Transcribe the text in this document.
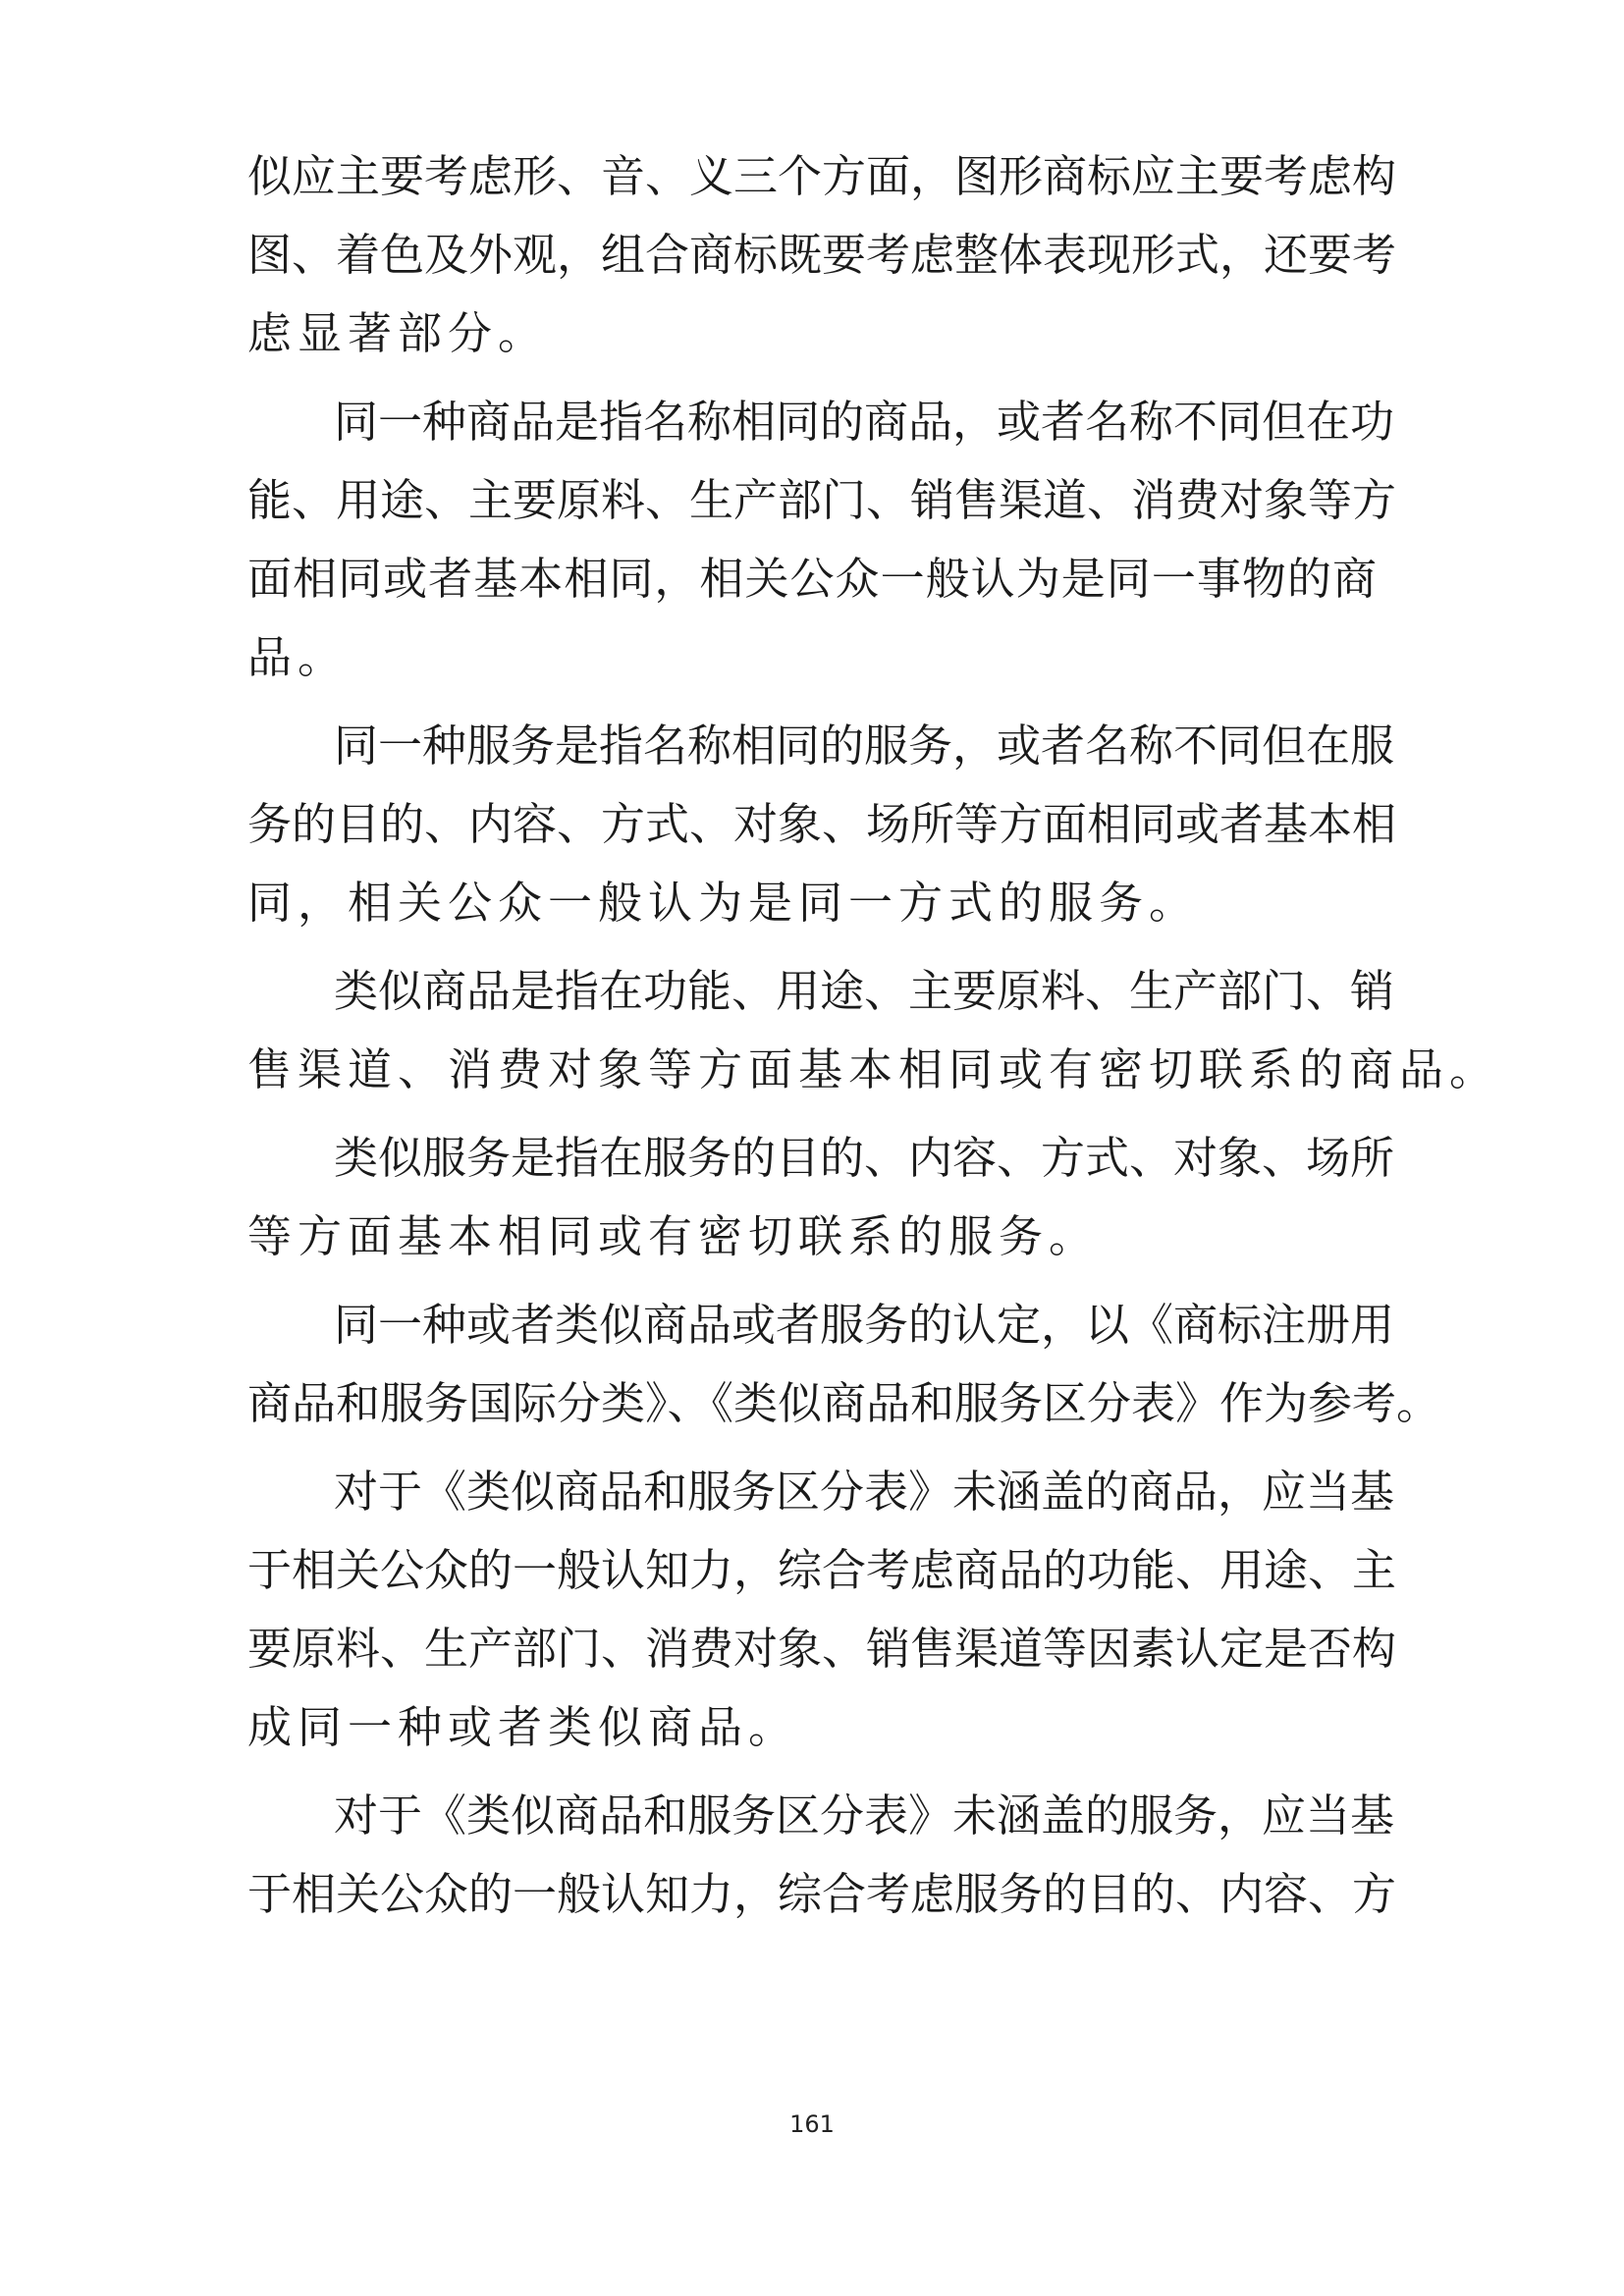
似应主要考虑形、音、义三个方面，图形商标应主要考虑构
图、着色及外观，组合商标既要考虑整体表现形式，还要考
虑显著部分。
同一种商品是指名称相同的商品，或者名称不同但在功
能、用途、主要原料、生产部门、销售渠道、消费对象等方
面相同或者基本相同，相关公众一般认为是同一事物的商
品。
同一种服务是指名称相同的服务，或者名称不同但在服
务的目的、内容、方式、对象、场所等方面相同或者基本相
同，相关公众一般认为是同一方式的服务。
类似商品是指在功能、用途、主要原料、生产部门、销
售渠道、消费对象等方面基本相同或有密切联系的商品。
类似服务是指在服务的目的、内容、方式、对象、场所
等方面基本相同或有密切联系的服务。
同一种或者类似商品或者服务的认定，以《商标注册用
商品和服务国际分类》、《类似商品和服务区分表》作为参考。
对于《类似商品和服务区分表》未涵盖的商品，应当基
于相关公众的一般认知力，综合考虑商品的功能、用途、主
要原料、生产部门、消费对象、销售渠道等因素认定是否构
成同一种或者类似商品。
对于《类似商品和服务区分表》未涵盖的服务，应当基
于相关公众的一般认知力，综合考虑服务的目的、内容、方
161
